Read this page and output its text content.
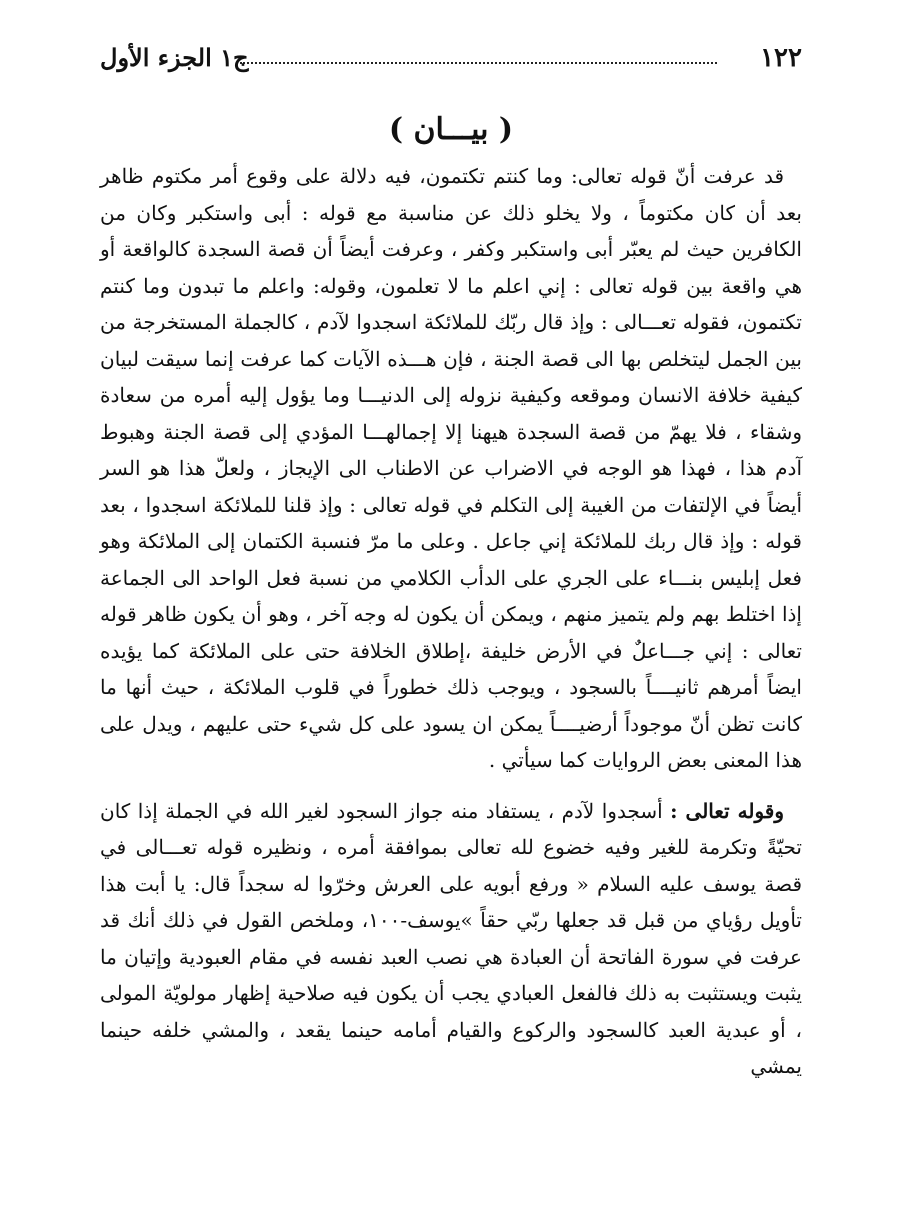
١٢٢
ج١ الجزء الأول
( بيـــان )

قد عرفت أنّ قوله تعالى: وما كنتم تكتمون، فيه دلالة على وقوع أمر مكتوم ظاهر بعد أن كان مكتوماً ، ولا يخلو ذلك عن مناسبة مع قوله : أبى واستكبر وكان من الكافرين حيث لم يعبّر أبى واستكبر وكفر ، وعرفت أيضاً أن قصة السجدة كالواقعة أو هي واقعة بين قوله تعالى : إني اعلم ما لا تعلمون، وقوله: واعلم ما تبدون وما كنتم تكتمون، فقوله تعـــالى : وإذ قال ربّك للملائكة اسجدوا لآدم ، كالجملة المستخرجة من بين الجمل ليتخلص بها الى قصة الجنة ، فإن هـــذه الآيات كما عرفت إنما سيقت لبيان كيفية خلافة الانسان وموقعه وكيفية نزوله إلى الدنيـــا وما يؤول إليه أمره من سعادة وشقاء ، فلا يهمّ من قصة السجدة هيهنا إلا إجمالهـــا المؤدي إلى قصة الجنة وهبوط آدم هذا ، فهذا هو الوجه في الاضراب عن الاطناب الى الإيجاز ، ولعلّ هذا هو السر أيضاً في الإلتفات من الغيبة إلى التكلم في قوله تعالى : وإذ قلنا للملائكة اسجدوا ، بعد قوله : وإذ قال ربك للملائكة إني جاعل . وعلى ما مرّ فنسبة الكتمان إلى الملائكة وهو فعل إبليس بنـــاء على الجري على الدأب الكلامي من نسبة فعل الواحد الى الجماعة إذا اختلط بهم ولم يتميز منهم ، ويمكن أن يكون له وجه آخر ، وهو أن يكون ظاهر قوله تعالى : إني جـــاعلٌ في الأرض خليفة ،إطلاق الخلافة حتى على الملائكة كما يؤيده ايضاً أمرهم ثانيــــاً بالسجود ، ويوجب ذلك خطوراً في قلوب الملائكة ، حيث أنها ما كانت تظن أنّ موجوداً أرضيــــاً يمكن ان يسود على كل شيء حتى عليهم ، ويدل على هذا المعنى بعض الروايات كما سيأتي .

وقوله تعالى : أسجدوا لآدم ، يستفاد منه جواز السجود لغير الله في الجملة إذا كان تحيّةً وتكرمة للغير وفيه خضوع لله تعالى بموافقة أمره ، ونظيره قوله تعـــالى في قصة يوسف عليه السلام « ورفع أبويه على العرش وخرّوا له سجداً قال: يا أبت هذا تأويل رؤياي من قبل قد جعلها ربّي حقاً »يوسف-١٠٠، وملخص القول في ذلك أنك قد عرفت في سورة الفاتحة أن العبادة هي نصب العبد نفسه في مقام العبودية وإتيان ما يثبت ويستثبت به ذلك فالفعل العبادي يجب أن يكون فيه صلاحية إظهار مولويّة المولى ، أو عبدية العبد كالسجود والركوع والقيام أمامه حينما يقعد ، والمشي خلفه حينما يمشي
